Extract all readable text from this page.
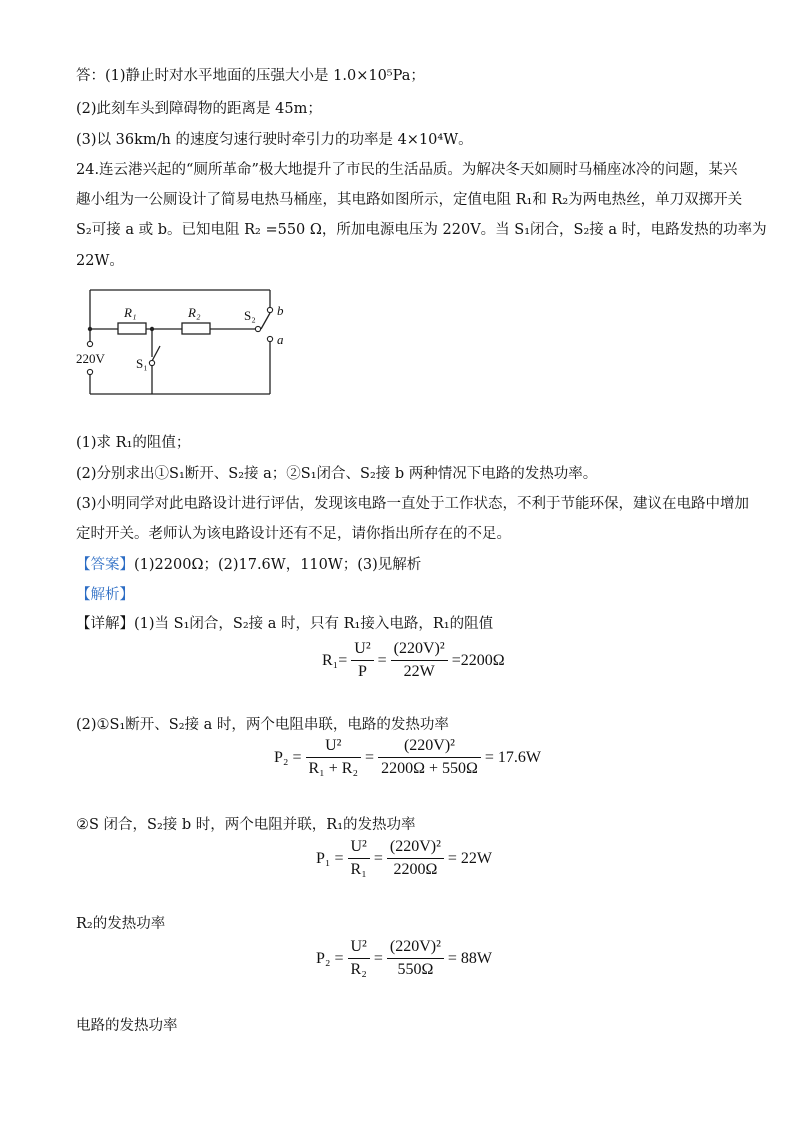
答：(1)静止时对水平地面的压强大小是 1.0×10⁵Pa；
(2)此刻车头到障碍物的距离是 45m；
(3)以 36km/h 的速度匀速行驶时牵引力的功率是 4×10⁴W。
24.连云港兴起的“厕所革命”极大地提升了市民的生活品质。为解决冬天如厕时马桶座冰冷的问题，某兴
趣小组为一公厕设计了简易电热马桶座，其电路如图所示，定值电阻 R₁和 R₂为两电热丝，单刀双掷开关
S₂可接 a 或 b。已知电阻 R₂ =550 Ω，所加电源电压为 220V。当 S₁闭合，S₂接 a 时，电路发热的功率为
22W。
R₁	R₂	S₂ b
a
S₁
220V
(1)求 R₁的阻值；
(2)分别求出①S₁断开、S₂接 a；②S₁闭合、S₂接 b 两种情况下电路的发热功率。
(3)小明同学对此电路设计进行评估，发现该电路一直处于工作状态，不利于节能环保，建议在电路中增加
定时开关。老师认为该电路设计还有不足，请你指出所存在的不足。
【答案】(1)2200Ω；(2)17.6W，110W；(3)见解析
【解析】
【详解】(1)当 S₁闭合，S₂接 a 时，只有 R₁接入电路，R₁的阻值
$R_1= \frac{\text{U²}}{P} = \frac{\text{(220V)²}}{22W} =2200\Omega$
(2)①S₁断开、S₂接 a 时，两个电阻串联，电路的发热功率
$P_2 = \frac{\text{U²}}{\text{R₁ + R₂}} = \frac{\text{(220V)²}}{2200\Omega + 550\Omega} = 17.6W$
②S 闭合，S₂接 b 时，两个电阻并联，R₁的发热功率
$P_1 = \frac{\text{U²}}{\text{R₁}} = \frac{\text{(220V)²}}{2200\Omega} = 22W$
R₂的发热功率
$P_2 = \frac{\text{U²}}{\text{R₂}} = \frac{\text{(220V)²}}{550\Omega} = 88W$
电路的发热功率
